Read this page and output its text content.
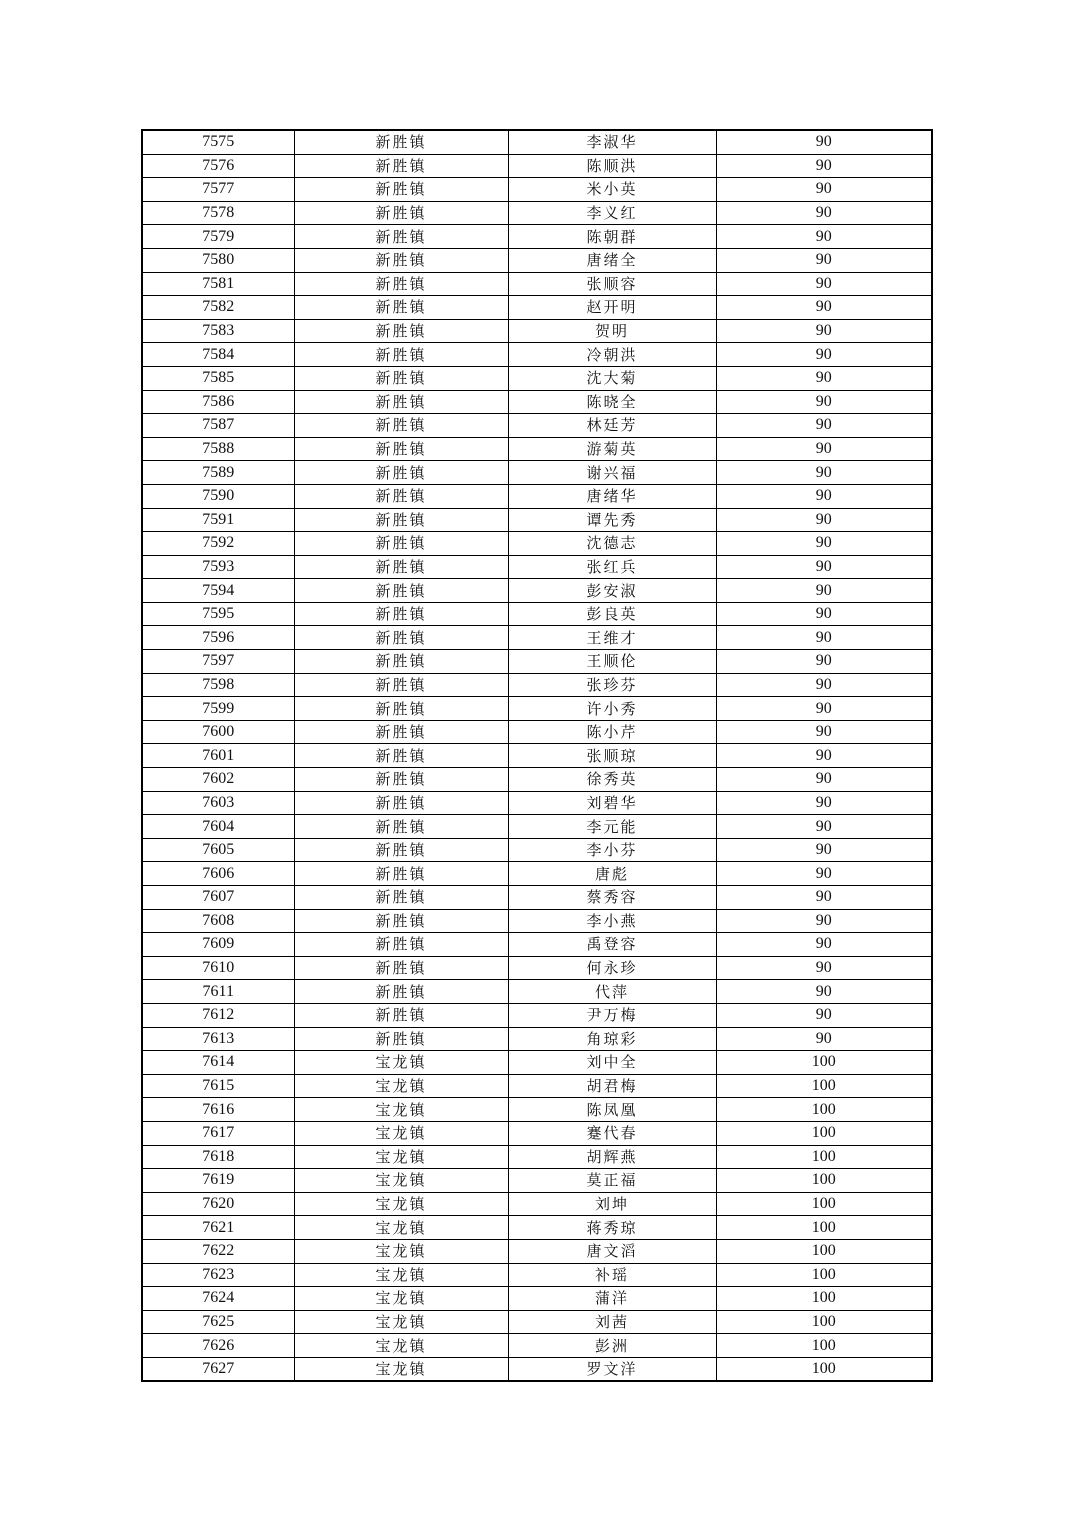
7575	新胜镇	李淑华	90
7576	新胜镇	陈顺洪	90
7577	新胜镇	米小英	90
7578	新胜镇	李义红	90
7579	新胜镇	陈朝群	90
7580	新胜镇	唐绪全	90
7581	新胜镇	张顺容	90
7582	新胜镇	赵开明	90
7583	新胜镇	贺明	90
7584	新胜镇	冷朝洪	90
7585	新胜镇	沈大菊	90
7586	新胜镇	陈晓全	90
7587	新胜镇	林廷芳	90
7588	新胜镇	游菊英	90
7589	新胜镇	谢兴福	90
7590	新胜镇	唐绪华	90
7591	新胜镇	谭先秀	90
7592	新胜镇	沈德志	90
7593	新胜镇	张红兵	90
7594	新胜镇	彭安淑	90
7595	新胜镇	彭良英	90
7596	新胜镇	王维才	90
7597	新胜镇	王顺伦	90
7598	新胜镇	张珍芬	90
7599	新胜镇	许小秀	90
7600	新胜镇	陈小芹	90
7601	新胜镇	张顺琼	90
7602	新胜镇	徐秀英	90
7603	新胜镇	刘碧华	90
7604	新胜镇	李元能	90
7605	新胜镇	李小芬	90
7606	新胜镇	唐彪	90
7607	新胜镇	蔡秀容	90
7608	新胜镇	李小燕	90
7609	新胜镇	禹登容	90
7610	新胜镇	何永珍	90
7611	新胜镇	代萍	90
7612	新胜镇	尹万梅	90
7613	新胜镇	角琼彩	90
7614	宝龙镇	刘中全	100
7615	宝龙镇	胡君梅	100
7616	宝龙镇	陈凤凰	100
7617	宝龙镇	蹇代春	100
7618	宝龙镇	胡辉燕	100
7619	宝龙镇	莫正福	100
7620	宝龙镇	刘坤	100
7621	宝龙镇	蒋秀琼	100
7622	宝龙镇	唐文滔	100
7623	宝龙镇	补瑶	100
7624	宝龙镇	蒲洋	100
7625	宝龙镇	刘茜	100
7626	宝龙镇	彭洲	100
7627	宝龙镇	罗文洋	100
